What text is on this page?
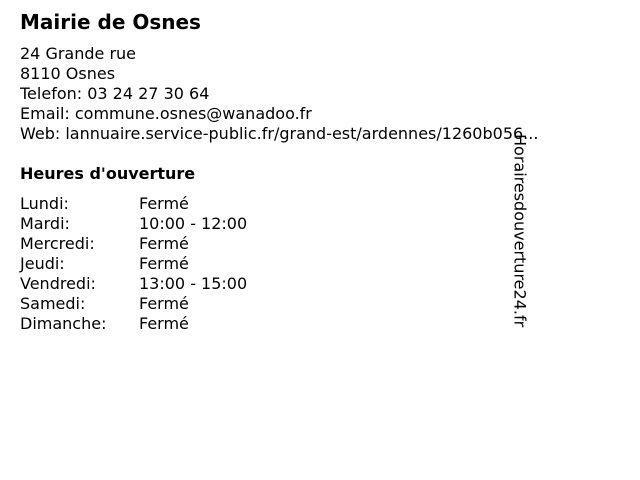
Mairie de Osnes
24 Grande rue
8110 Osnes
Telefon: 03 24 27 30 64
Email: commune.osnes@wanadoo.fr
Web: lannuaire.service-public.fr/grand-est/ardennes/1260b056...
Heures d'ouverture
Lundi:	Fermé
Mardi:	10:00 - 12:00
Mercredi:	Fermé
Jeudi:	Fermé
Vendredi:	13:00 - 15:00
Samedi:	Fermé
Dimanche:	Fermé	Horairesdouverture24.fr
